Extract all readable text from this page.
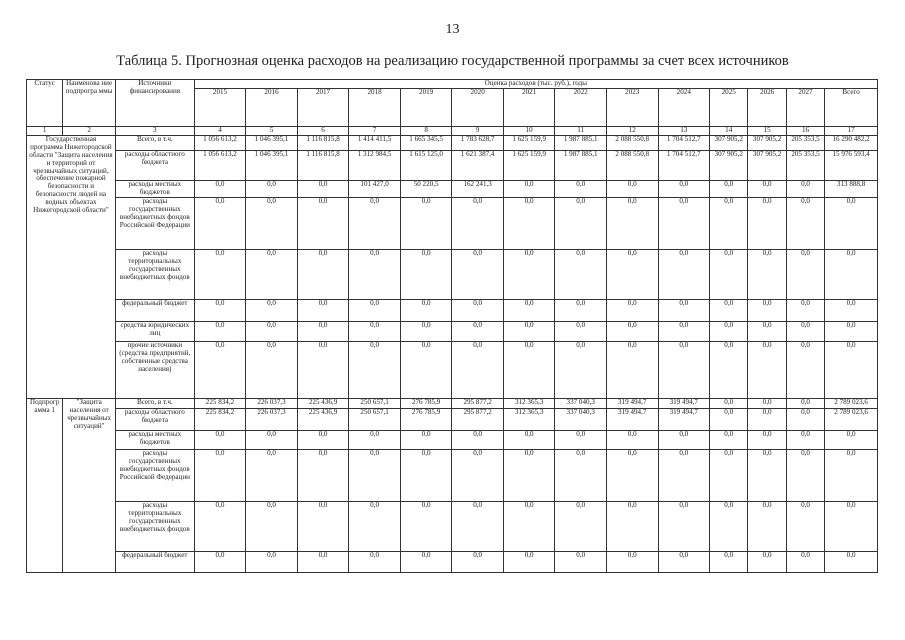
13
Таблица 5. Прогнозная оценка расходов на реализацию государственной программы за счет всех источников
Статус	Наименова ние подпрогра ммы	Источники финансирования	Оценка расходов (тыс. руб.), годы													
			2015	2016	2017	2018	2019	2020	2021	2022	2023	2024	2025	2026	2027	Всего
1	2	3	4	5	6	7	8	9	10	11	12	13	14	15	16	17
Государственная программа Нижегородской области "Защита населения и территорий от чрезвычайных ситуаций, обеспечение пожарной безопасности и безопасности людей на водных объектах Нижегородской области"		Всего, в т.ч.	1 056 613,2	1 046 395,1	1 116 815,8	1 414 411,5	1 665 345,5	1 783 628,7	1 625 159,9	1 987 885,1	2 088 550,8	1 704 512,7	307 905,2	307 905,2	205 353,5	16 290 482,2
		расходы областного бюджета	1 056 613,2	1 046 395,1	1 116 815,8	1 312 984,5	1 615 125,0	1 621 387,4	1 625 159,9	1 987 885,1	2 088 550,8	1 704 512,7	307 905,2	307 905,2	205 353,5	15 976 593,4
		расходы местных бюджетов	0,0	0,0	0,0	101 427,0	50 220,5	162 241,3	0,0	0,0	0,0	0,0	0,0	0,0	0,0	313 888,8
		расходы государственных внебюджетных фондов Российской Федерации	0,0	0,0	0,0	0,0	0,0	0,0	0,0	0,0	0,0	0,0	0,0	0,0	0,0	0,0
		расходы территориальных государственных внебюджетных фондов	0,0	0,0	0,0	0,0	0,0	0,0	0,0	0,0	0,0	0,0	0,0	0,0	0,0	0,0
		федеральный бюджет	0,0	0,0	0,0	0,0	0,0	0,0	0,0	0,0	0,0	0,0	0,0	0,0	0,0	0,0
		средства юридических лиц	0,0	0,0	0,0	0,0	0,0	0,0	0,0	0,0	0,0	0,0	0,0	0,0	0,0	0,0
		прочие источники (средства предприятий, собственные средства населения)	0,0	0,0	0,0	0,0	0,0	0,0	0,0	0,0	0,0	0,0	0,0	0,0	0,0	0,0
Подпрограмма 1	"Защита населения от чрезвычайных ситуаций"	Всего, в т.ч.	225 834,2	226 037,3	225 436,9	250 657,1	276 785,9	295 877,2	312 365,3	337 040,3	319 494,7	319 494,7	0,0	0,0	0,0	2 789 023,6
		расходы областного бюджета	225 834,2	226 037,3	225 436,9	250 657,1	276 785,9	295 877,2	312 365,3	337 040,3	319 494,7	319 494,7	0,0	0,0	0,0	2 789 023,6
		расходы местных бюджетов	0,0	0,0	0,0	0,0	0,0	0,0	0,0	0,0	0,0	0,0	0,0	0,0	0,0	0,0
		расходы государственных внебюджетных фондов Российской Федерации	0,0	0,0	0,0	0,0	0,0	0,0	0,0	0,0	0,0	0,0	0,0	0,0	0,0	0,0
		расходы территориальных государственных внебюджетных фондов	0,0	0,0	0,0	0,0	0,0	0,0	0,0	0,0	0,0	0,0	0,0	0,0	0,0	0,0
		федеральный бюджет	0,0	0,0	0,0	0,0	0,0	0,0	0,0	0,0	0,0	0,0	0,0	0,0	0,0	0,0
